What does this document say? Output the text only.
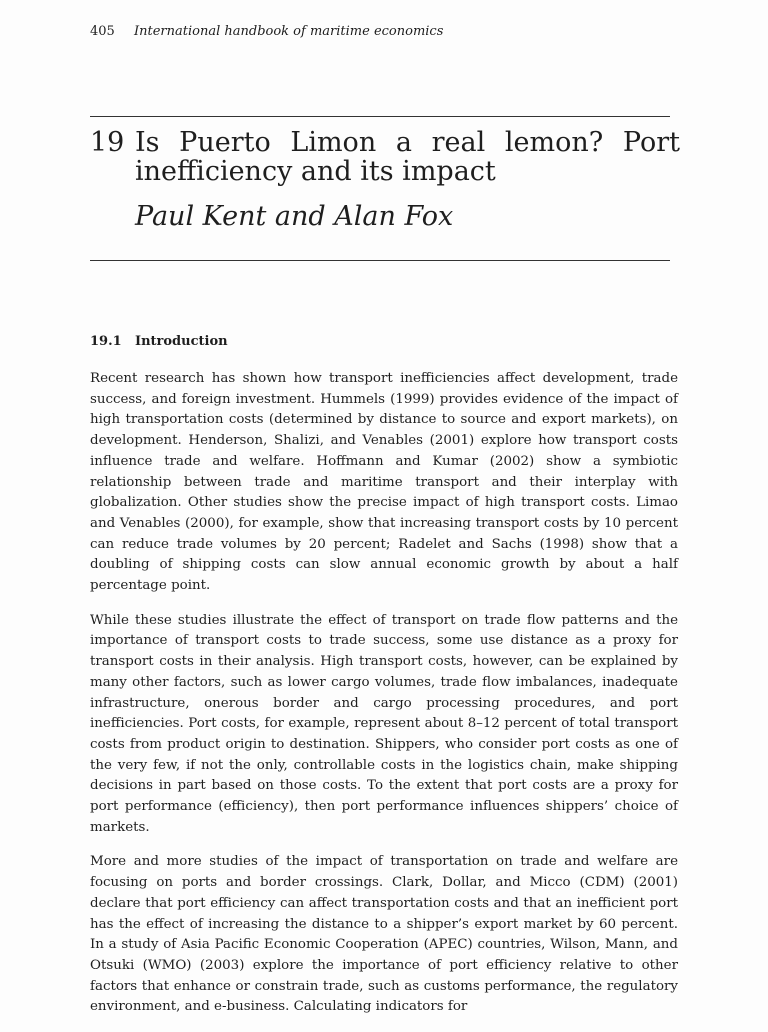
405 International handbook of maritime economics
19 Is Puerto Limon a real lemon? Port inefficiency and its impact
Paul Kent and Alan Fox
19.1 Introduction

Recent research has shown how transport inefficiencies affect development, trade success, and foreign investment. Hummels (1999) provides evidence of the impact of high transportation costs (determined by distance to source and export markets), on development. Henderson, Shalizi, and Venables (2001) explore how transport costs influence trade and welfare. Hoffmann and Kumar (2002) show a symbiotic relationship between trade and maritime transport and their interplay with globalization. Other studies show the precise impact of high transport costs. Limao and Venables (2000), for example, show that increasing transport costs by 10 percent can reduce trade volumes by 20 percent; Radelet and Sachs (1998) show that a doubling of shipping costs can slow annual economic growth by about a half percentage point.

While these studies illustrate the effect of transport on trade flow patterns and the importance of transport costs to trade success, some use distance as a proxy for transport costs in their analysis. High transport costs, however, can be explained by many other factors, such as lower cargo volumes, trade flow imbalances, inadequate infrastructure, onerous border and cargo processing procedures, and port inefficiencies. Port costs, for example, represent about 8–12 percent of total transport costs from product origin to destination. Shippers, who consider port costs as one of the very few, if not the only, controllable costs in the logistics chain, make shipping decisions in part based on those costs. To the extent that port costs are a proxy for port performance (efficiency), then port performance influences shippers’ choice of markets.

More and more studies of the impact of transportation on trade and welfare are focusing on ports and border crossings. Clark, Dollar, and Micco (CDM) (2001) declare that port efficiency can affect transportation costs and that an inefficient port has the effect of increasing the distance to a shipper’s export market by 60 percent. In a study of Asia Pacific Economic Cooperation (APEC) countries, Wilson, Mann, and Otsuki (WMO) (2003) explore the importance of port efficiency relative to other factors that enhance or constrain trade, such as customs performance, the regulatory environment, and e-business. Calculating indicators for
